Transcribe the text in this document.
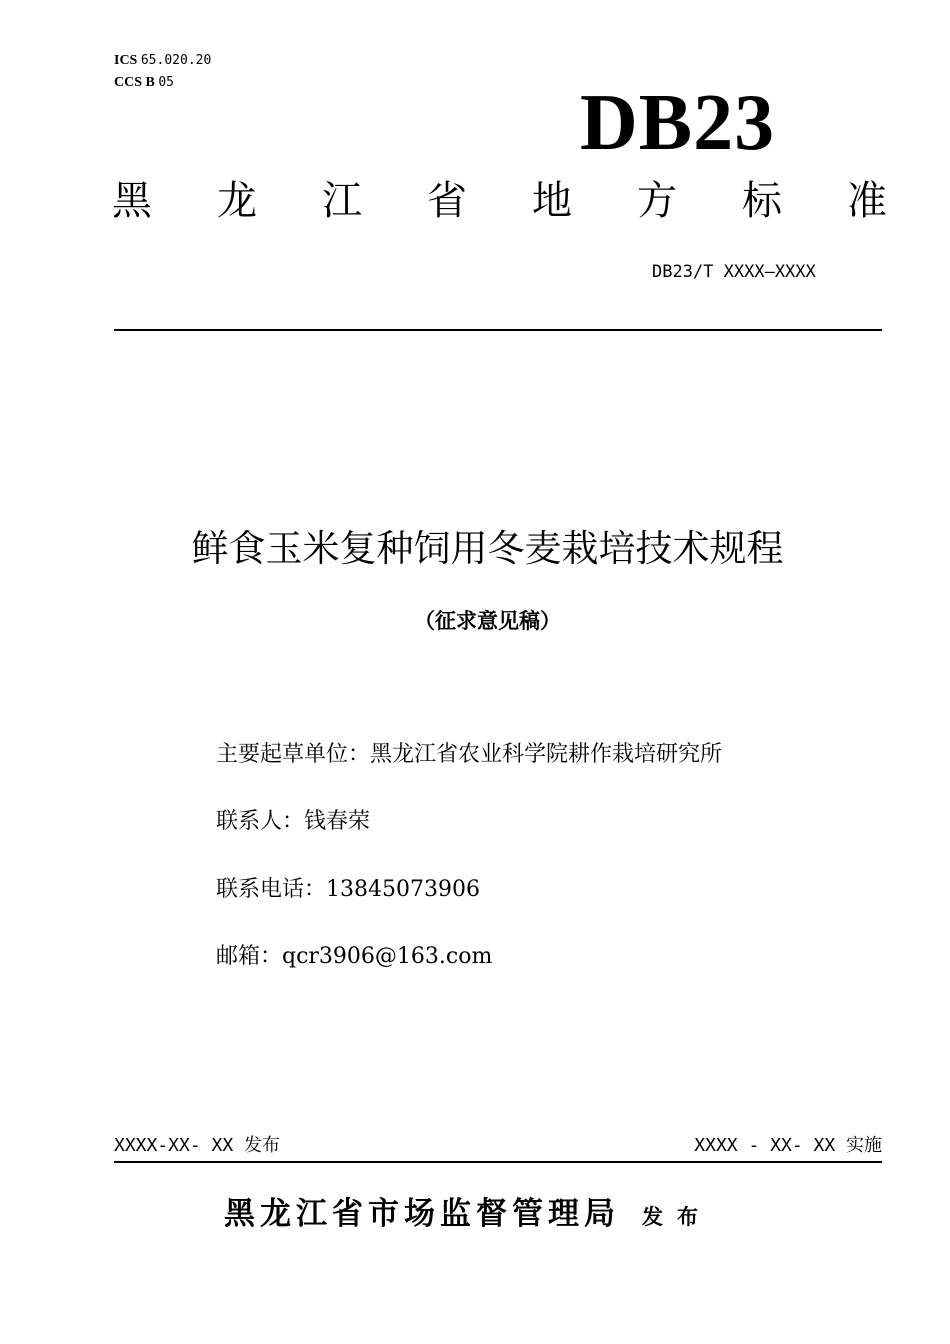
ICS 65.020.20
CCS B 05	DB23
黑 龙 江 省 地 方 标 准
DB23/T XXXX—XXXX
鲜食玉米复种饲用冬麦栽培技术规程
（征求意见稿）
主要起草单位：黑龙江省农业科学院耕作栽培研究所
联系人：钱春荣
联系电话：13845073906
邮箱：qcr3906@163.com
XXXX-XX- XX 发布	XXXX - XX- XX 实施
黑龙江省市场监督管理局 发布
